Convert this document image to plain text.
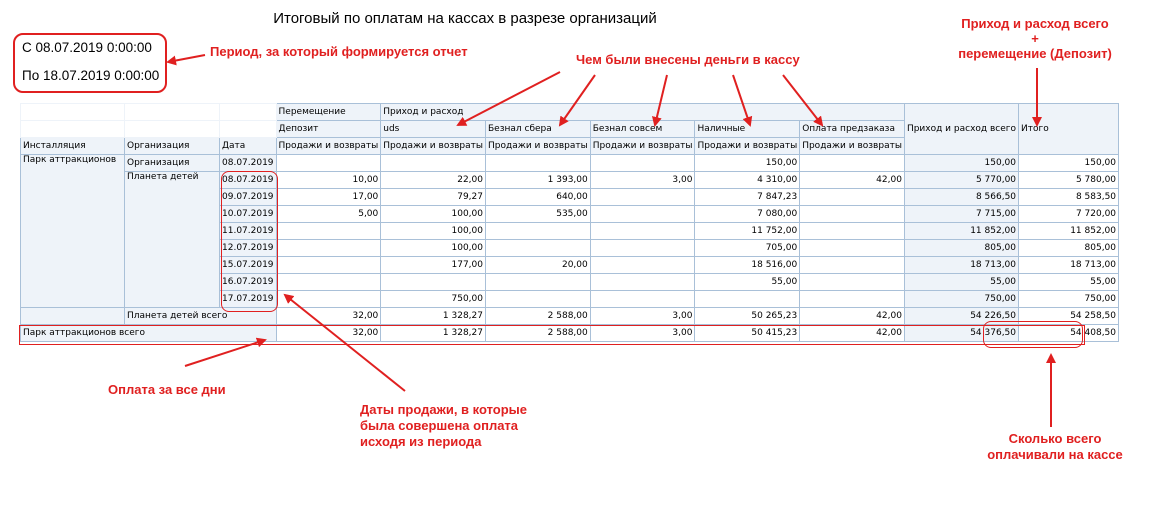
Итоговый по оплатам на кассах в разрезе организаций
С 08.07.2019 0:00:00
По 18.07.2019 0:00:00
Период, за который формируется отчет
Чем были внесены деньги в кассу
Приход и расход всего
+
перемещение (Депозит)
Оплата за все дни
Даты продажи, в которые
была совершена оплата
исходя из периода	Сколько всего
оплачивали на кассе
			Перемещение	Приход и расход					Приход и расход всего	Итого
			Депозит	uds	Безнал сбера	Безнал совсем	Наличные	Оплата предзаказа		
Инсталляция	Организация	Дата	Продажи и возвраты	Продажи и возвраты	Продажи и возвраты	Продажи и возвраты	Продажи и возвраты	Продажи и возвраты		
Парк аттракционов	Организация	08.07.2019					150,00		150,00	150,00
	Планета детей	08.07.2019	10,00	22,00	1 393,00	3,00	4 310,00	42,00	5 770,00	5 780,00
		09.07.2019	17,00	79,27	640,00		7 847,23		8 566,50	8 583,50
		10.07.2019	5,00	100,00	535,00		7 080,00		7 715,00	7 720,00
		11.07.2019		100,00			11 752,00		11 852,00	11 852,00
		12.07.2019		100,00			705,00		805,00	805,00
		15.07.2019		177,00	20,00		18 516,00		18 713,00	18 713,00
		16.07.2019					55,00		55,00	55,00
		17.07.2019		750,00					750,00	750,00
	Планета детей всего		32,00	1 328,27	2 588,00	3,00	50 265,23	42,00	54 226,50	54 258,50
Парк аттракционов всего			32,00	1 328,27	2 588,00	3,00	50 415,23	42,00	54 376,50	54 408,50
